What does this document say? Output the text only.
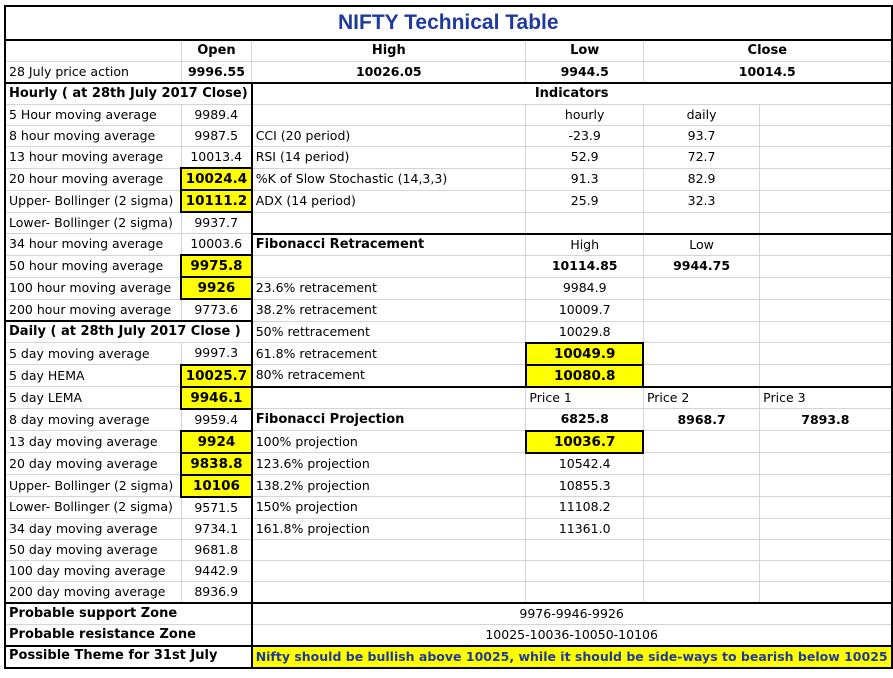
NIFTY Technical Table					
	Open	High	Low	Close	
28 July price action	9996.55	10026.05	9944.5	10014.5	
Hourly ( at 28th July 2017 Close)		Indicators			
5 Hour moving average	9989.4		hourly	daily	
8 hour moving average	9987.5	CCI (20 period)	-23.9	93.7	
13 hour moving average	10013.4	RSI (14 period)	52.9	72.7	
20 hour moving average	10024.4	%K of Slow Stochastic (14,3,3)	91.3	82.9	
Upper- Bollinger (2 sigma)	10111.2	ADX (14 period)	25.9	32.3	
Lower- Bollinger (2 sigma)	9937.7				
34 hour moving average	10003.6	Fibonacci Retracement	High	Low	
50 hour moving average	9975.8		10114.85	9944.75	
100 hour moving average	9926	23.6% retracement	9984.9		
200 hour moving average	9773.6	38.2% retracement	10009.7		
Daily ( at 28th July 2017 Close )		50% rettracement	10029.8		
5 day moving average	9997.3	61.8% retracement	10049.9		
5 day HEMA	10025.7	80% retracement	10080.8		
5 day LEMA	9946.1		Price 1	Price 2	Price 3
8 day moving average	9959.4	Fibonacci Projection	6825.8	8968.7	7893.8
13 day moving average	9924	100% projection	10036.7		
20 day moving average	9838.8	123.6% projection	10542.4		
Upper- Bollinger (2 sigma)	10106	138.2% projection	10855.3		
Lower- Bollinger (2 sigma)	9571.5	150% projection	11108.2		
34 day moving average	9734.1	161.8% projection	11361.0		
50 day moving average	9681.8				
100 day moving average	9442.9				
200 day moving average	8936.9				
Probable support Zone		9976-9946-9926			
Probable resistance Zone		10025-10036-10050-10106			
Possible Theme for 31st July		Nifty should be bullish above 10025, while it should be side-ways to bearish below 10025			
